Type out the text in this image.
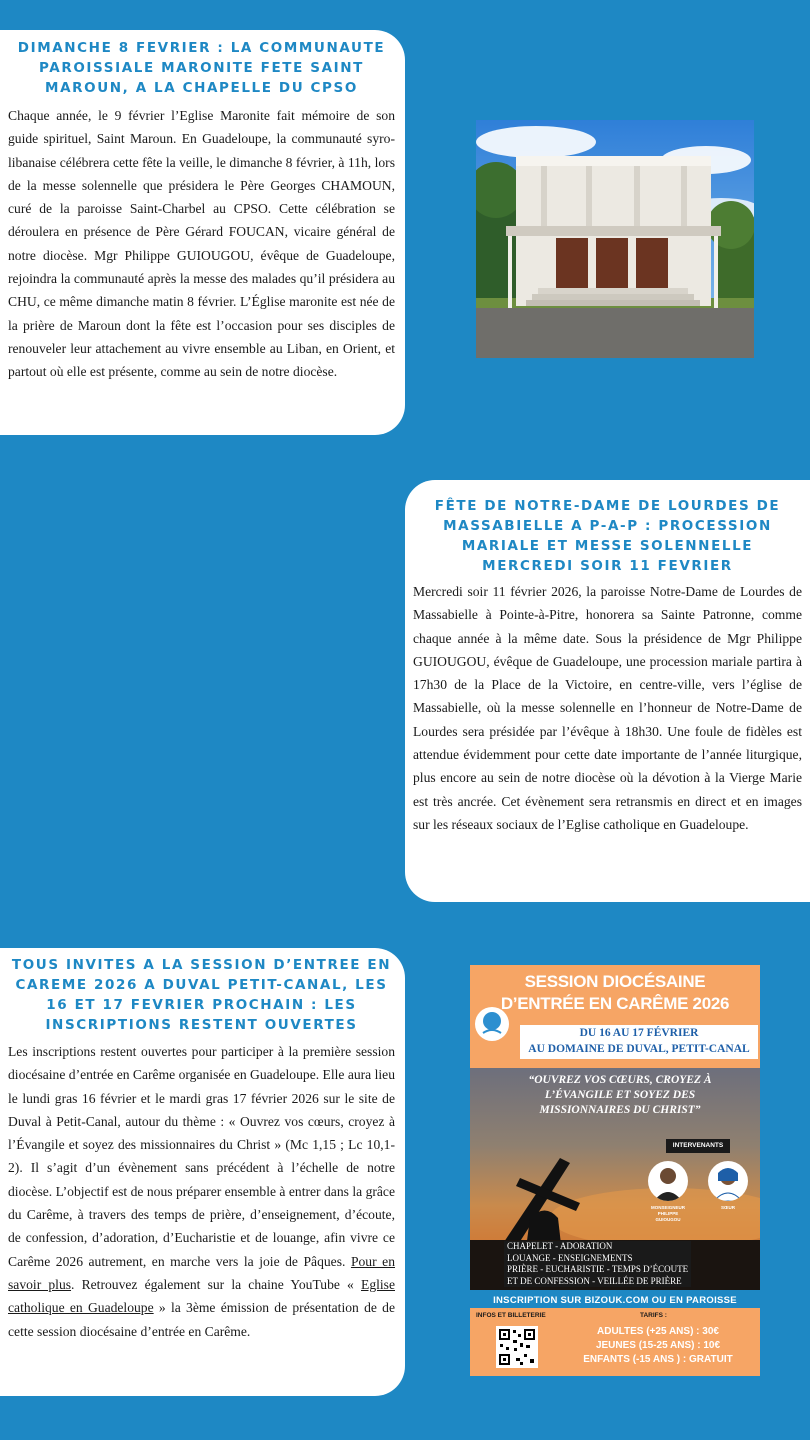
DIMANCHE 8 FEVRIER : LA COMMUNAUTE PAROISSIALE MARONITE FETE SAINT MAROUN, A LA CHAPELLE DU CPSO

Chaque année, le 9 février l’Eglise Maronite fait mémoire de son guide spirituel, Saint Maroun. En Guadeloupe, la communauté syro-libanaise célébrera cette fête la veille, le dimanche 8 février, à 11h, lors de la messe solennelle que présidera le Père Georges CHAMOUN, curé de la paroisse Saint-Charbel au CPSO. Cette célébration se déroulera en présence de Père Gérard FOUCAN, vicaire général de notre diocèse. Mgr Philippe GUIOUGOU, évêque de Guadeloupe, rejoindra la communauté après la messe des malades qu’il présidera au CHU, ce même dimanche matin 8 février. L’Église maronite est née de la prière de Maroun dont la fête est l’occasion pour ses disciples de renouveler leur attachement au vivre ensemble au Liban, en Orient, et partout où elle est présente, comme au sein de notre diocèse.

FÊTE DE NOTRE-DAME DE LOURDES DE MASSABIELLE A P-A-P : PROCESSION MARIALE ET MESSE SOLENNELLE MERCREDI SOIR 11 FEVRIER

Mercredi soir 11 février 2026, la paroisse Notre-Dame de Lourdes de Massabielle à Pointe-à-Pitre, honorera sa Sainte Patronne, comme chaque année à la même date. Sous la présidence de Mgr Philippe GUIOUGOU, évêque de Guadeloupe, une procession mariale partira à 17h30 de la Place de la Victoire, en centre-ville, vers l’église de Massabielle, où la messe solennelle en l’honneur de Notre-Dame de Lourdes sera présidée par l’évêque à 18h30. Une foule de fidèles est attendue évidemment pour cette date importante de l’année liturgique, plus encore au sein de notre diocèse où la dévotion à la Vierge Marie est très ancrée. Cet évènement sera retransmis en direct et en images sur les réseaux sociaux de l’Eglise catholique en Guadeloupe.

TOUS INVITES A LA SESSION D’ENTREE EN CAREME 2026 A DUVAL PETIT-CANAL, LES 16 ET 17 FEVRIER PROCHAIN : LES INSCRIPTIONS RESTENT OUVERTES

Les inscriptions restent ouvertes pour participer à la première session diocésaine d’entrée en Carême organisée en Guadeloupe. Elle aura lieu le lundi gras 16 février et le mardi gras 17 février 2026 sur le site de Duval à Petit-Canal, autour du thème : « Ouvrez vos cœurs, croyez à l’Évangile et soyez des missionnaires du Christ » (Mc 1,15 ; Lc 10,1-2). Il s’agit d’un évènement sans précédent à l’échelle de notre diocèse. L’objectif est de nous préparer ensemble à entrer dans la grâce du Carême, à travers des temps de prière, d’enseignement, d’écoute, de confession, d’adoration, d’Eucharistie et de louange, afin vivre ce Carême 2026 autrement, en marche vers la joie de Pâques. Pour en savoir plus. Retrouvez également sur la chaine YouTube « Eglise catholique en Guadeloupe » la 3ème émission de présentation de de cette session diocésaine d’entrée en Carême.

SESSION DIOCÉSAINE D’ENTRÉE EN CARÊME 2026
DU 16 AU 17 FÉVRIER
AU DOMAINE DE DUVAL, PETIT-CANAL
“OUVREZ VOS CŒURS, CROYEZ À L’ÉVANGILE ET SOYEZ DES MISSIONNAIRES DU CHRIST”
INTERVENANTS
MONSEIGNEUR PHILIPPE GUIOUGOU
SŒUR
CHAPELET - ADORATION
LOUANGE - ENSEIGNEMENTS
PRIÈRE - EUCHARISTIE - TEMPS D’ÉCOUTE
ET DE CONFESSION - VEILLÉE DE PRIÈRE
INSCRIPTION SUR BIZOUK.COM OU EN PAROISSE
INFOS ET BILLETERIE	TARIFS :
ADULTES (+25 ANS) : 30€
JEUNES (15-25 ANS) : 10€
ENFANTS (-15 ANS ) : GRATUIT
